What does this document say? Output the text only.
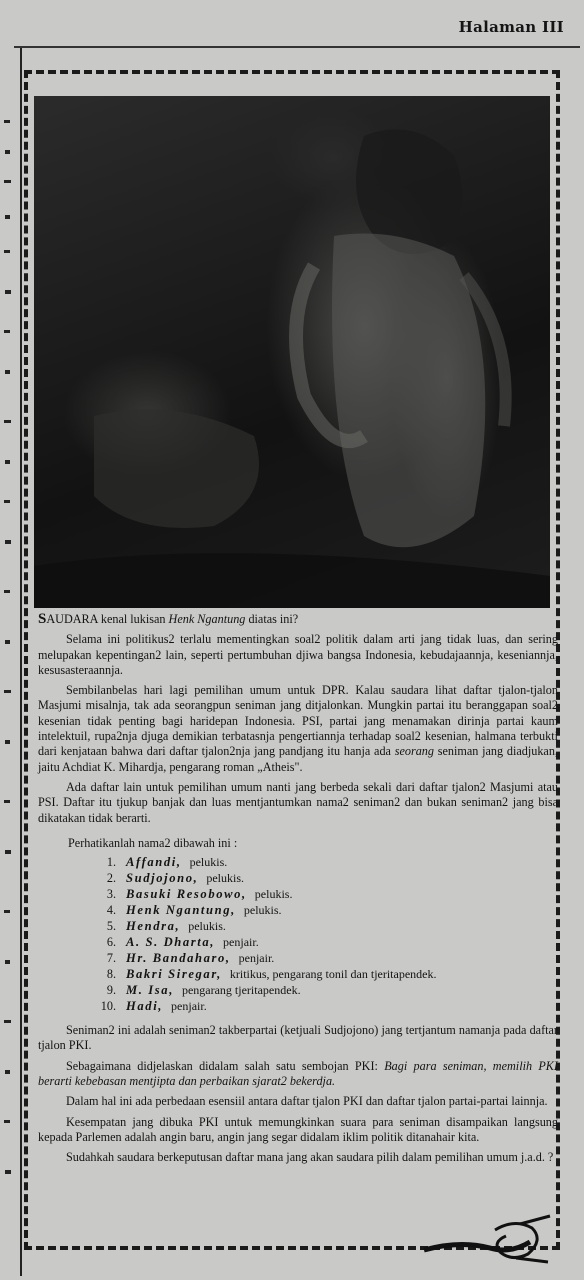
Halaman III

SAUDARA kenal lukisan Henk Ngantung diatas ini?

Selama ini politikus2 terlalu mementingkan soal2 politik dalam arti jang tidak luas, dan sering melupakan kepentingan2 lain, seperti pertumbuhan djiwa bangsa Indonesia, kebudajaannja, keseniannja, kesusasteraannja.

Sembilanbelas hari lagi pemilihan umum untuk DPR. Kalau saudara lihat daftar tjalon-tjalon Masjumi misalnja, tak ada seorangpun seniman jang ditjalonkan. Mungkin partai itu beranggapan soal2 kesenian tidak penting bagi haridepan Indonesia. PSI, partai jang menamakan dirinja partai kaum intelektuil, rupa2nja djuga demikian terbatasnja pengertiannja terhadap soal2 kesenian, halmana terbukti dari kenjataan bahwa dari daftar tjalon2nja jang pandjang itu hanja ada seorang seniman jang diadjukan, jaitu Achdiat K. Mihardja, pengarang roman „Atheis".

Ada daftar lain untuk pemilihan umum nanti jang berbeda sekali dari daftar tjalon2 Masjumi atau PSI. Daftar itu tjukup banjak dan luas mentjantumkan nama2 seniman2 dan bukan seniman2 jang bisa dikatakan tidak berarti.

Perhatikanlah nama2 dibawah ini :

1. Affandi, pelukis.
2. Sudjojono, pelukis.
3. Basuki Resobowo, pelukis.
4. Henk Ngantung, pelukis.
5. Hendra, pelukis.
6. A. S. Dharta, penjair.
7. Hr. Bandaharo, penjair.
8. Bakri Siregar, kritikus, pengarang tonil dan tjeritapendek.
9. M. Isa, pengarang tjeritapendek.
10. Hadi, penjair.

Seniman2 ini adalah seniman2 takberpartai (ketjuali Sudjojono) jang tertjantum namanja pada daftar tjalon PKI.

Sebagaimana didjelaskan didalam salah satu sembojan PKI: Bagi para seniman, memilih PKI berarti kebebasan mentjipta dan perbaikan sjarat2 bekerdja.

Dalam hal ini ada perbedaan esensiil antara daftar tjalon PKI dan daftar tjalon partai-partai lainnja.

Kesempatan jang dibuka PKI untuk memungkinkan suara para seniman disampaikan langsung kepada Parlemen adalah angin baru, angin jang segar didalam iklim politik ditanahair kita.

Sudahkah saudara berkeputusan daftar mana jang akan saudara pilih dalam pemilihan umum j.a.d. ?
